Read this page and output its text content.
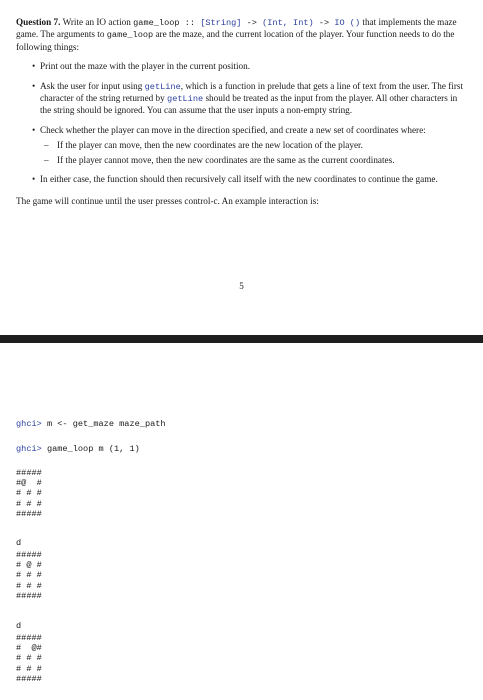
Question 7. Write an IO action game_loop :: [String] -> (Int, Int) -> IO () that implements the maze game. The arguments to game_loop are the maze, and the current location of the player. Your function needs to do the following things:

• Print out the maze with the player in the current position.
• Ask the user for input using getLine, which is a function in prelude that gets a line of text from the user. The first character of the string returned by getLine should be treated as the input from the player. All other characters in the string should be ignored. You can assume that the user inputs a non-empty string.
• Check whether the player can move in the direction specified, and create a new set of coordinates where:
– If the player can move, then the new coordinates are the new location of the player.
– If the player cannot move, then the new coordinates are the same as the current coordinates.
• In either case, the function should then recursively call itself with the new coordinates to continue the game.

The game will continue until the user presses control-c. An example interaction is:

5
ghci> m <- get_maze maze_path
ghci> game_loop m (1, 1)
#####
#@  #
# # #
# # #
#####
d
#####
# @ #
# # #
# # #
#####
d
#####
#  @#
# # #
# # #
#####
